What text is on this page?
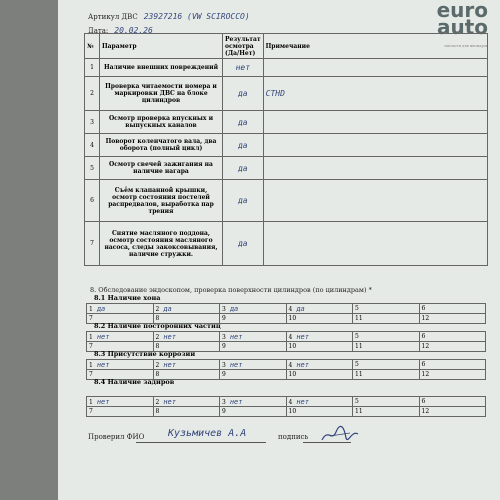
Артикул ДВС 23927216 (VW SCIROCCO)
Дата: 20.02.26
euro
auto
запчасти для иномарок
№	Параметр	Результат осмотра (Да/Нет)	Примечание
1	Наличие внешних повреждений	нет	
2	Проверка читаемости номера и маркировки ДВС на блоке цилиндров	да	CTHD
3	Осмотр проверка впускных и выпускных каналов	да	
4	Поворот коленчатого вала, два оборота (полный цикл)	да	
5	Осмотр свечей зажигания на наличие нагара	да	
6	Съём клапанной крышки, осмотр состояния постелей распредвалов, выработка пар трения	да	
7	Снятие масляного поддона, осмотр состояния масляного насоса, следы закоксовывания, наличие стружки.	да	
8. Обследование эндоскопом, проверка поверхности цилиндров (по цилиндрам) *
8.1 Наличие хона
1 да	2 да	3 да	4 да	5	6
7	8	9	10	11	12
8.2 Наличие посторонних частиц
1 нет	2 нет	3 нет	4 нет	5	6
7	8	9	10	11	12
8.3 Присутствие коррозии
1 нет	2 нет	3 нет	4 нет	5	6
7	8	9	10	11	12
8.4 Наличие задиров
1 нет	2 нет	3 нет	4 нет	5	6
7	8	9	10	11	12
Проверил ФИО Кузьмичев А.А	подпись
